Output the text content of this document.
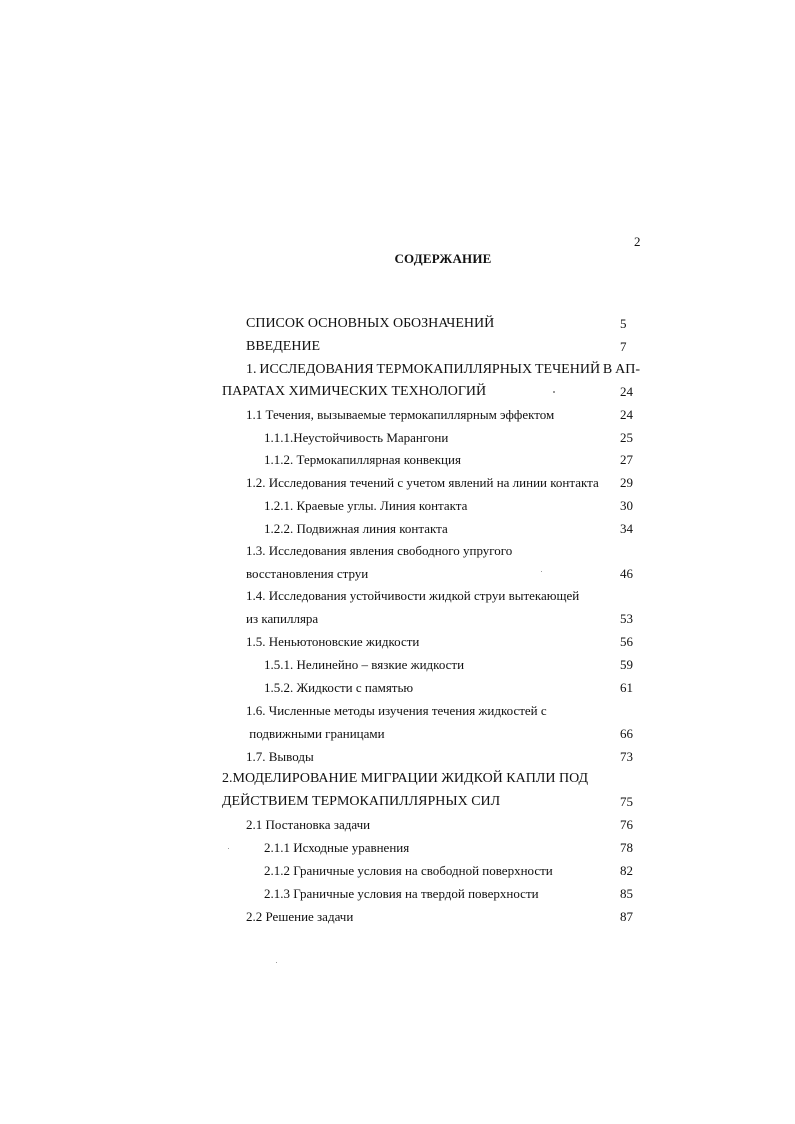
2
СОДЕРЖАНИЕ
СПИСОК ОСНОВНЫХ ОБОЗНАЧЕНИЙ	5
ВВЕДЕНИЕ	7
1. ИССЛЕДОВАНИЯ ТЕРМОКАПИЛЛЯРНЫХ ТЕЧЕНИЙ В АП-
ПАРАТАХ ХИМИЧЕСКИХ ТЕХНОЛОГИЙ	24
1.1 Течения, вызываемые термокапиллярным эффектом	24
1.1.1.Неустойчивость Марангони	25
1.1.2. Термокапиллярная конвекция	27
1.2. Исследования течений с учетом явлений на линии контакта 29
1.2.1. Краевые углы. Линия контакта	30
1.2.2. Подвижная линия контакта	34
1.3. Исследования явления свободного упругого
восстановления струи	46
1.4. Исследования устойчивости жидкой струи вытекающей
из капилляра	53
1.5. Неньютоновские жидкости	56
1.5.1. Нелинейно – вязкие жидкости	59
1.5.2. Жидкости с памятью	61
1.6. Численные методы изучения течения жидкостей с
подвижными границами	66
1.7. Выводы	73
2.МОДЕЛИРОВАНИЕ МИГРАЦИИ ЖИДКОЙ КАПЛИ ПОД
ДЕЙСТВИЕМ ТЕРМОКАПИЛЛЯРНЫХ СИЛ	75
2.1 Постановка задачи	76
2.1.1 Исходные уравнения	78
2.1.2 Граничные условия на свободной поверхности	82
2.1.3 Граничные условия на твердой поверхности	85
2.2 Решение задачи	87
